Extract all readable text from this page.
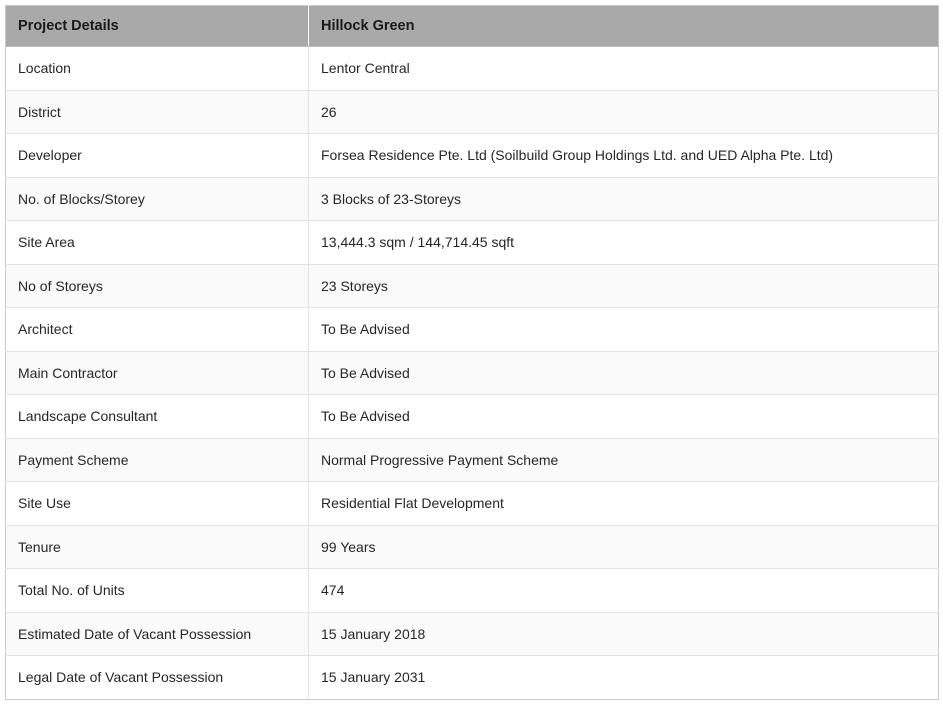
Project Details	Hillock Green
Location	Lentor Central
District	26
Developer	Forsea Residence Pte. Ltd (Soilbuild Group Holdings Ltd. and UED Alpha Pte. Ltd)
No. of Blocks/Storey	3 Blocks of 23-Storeys
Site Area	13,444.3 sqm / 144,714.45 sqft
No of Storeys	23 Storeys
Architect	To Be Advised
Main Contractor	To Be Advised
Landscape Consultant	To Be Advised
Payment Scheme	Normal Progressive Payment Scheme
Site Use	Residential Flat Development
Tenure	99 Years
Total No. of Units	474
Estimated Date of Vacant Possession	15 January 2018
Legal Date of Vacant Possession	15 January 2031
